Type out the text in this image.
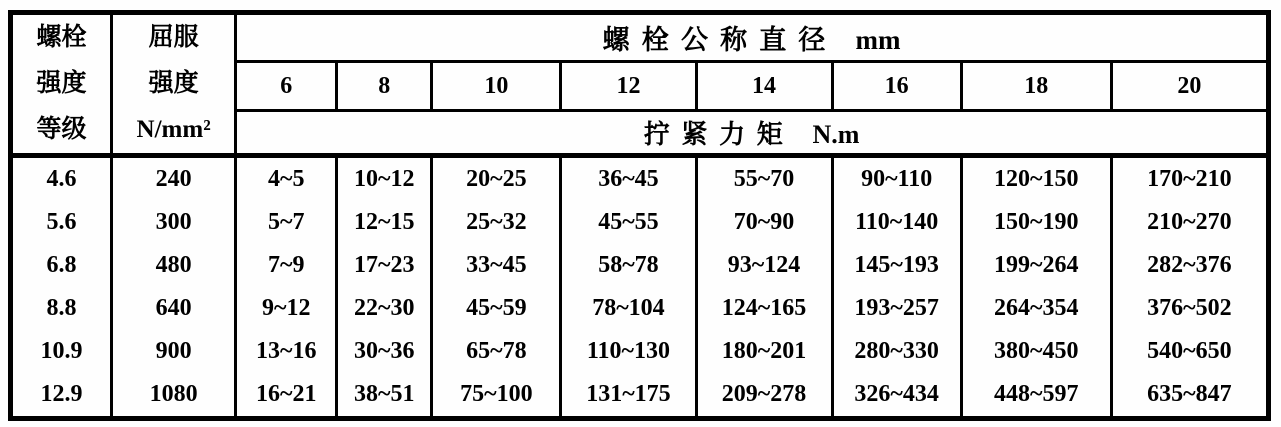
螺栓
强度
等级

屈服
强度
N/mm²
	螺栓公称直径 mm
		6	8	10	12	14	16	18	20
		拧紧力矩 N.m							
4.6	240	4~5	10~12	20~25	36~45	55~70	90~110	120~150	170~210
5.6	300	5~7	12~15	25~32	45~55	70~90	110~140	150~190	210~270
6.8	480	7~9	17~23	33~45	58~78	93~124	145~193	199~264	282~376
8.8	640	9~12	22~30	45~59	78~104	124~165	193~257	264~354	376~502
10.9	900	13~16	30~36	65~78	110~130	180~201	280~330	380~450	540~650
12.9	1080	16~21	38~51	75~100	131~175	209~278	326~434	448~597	635~847
